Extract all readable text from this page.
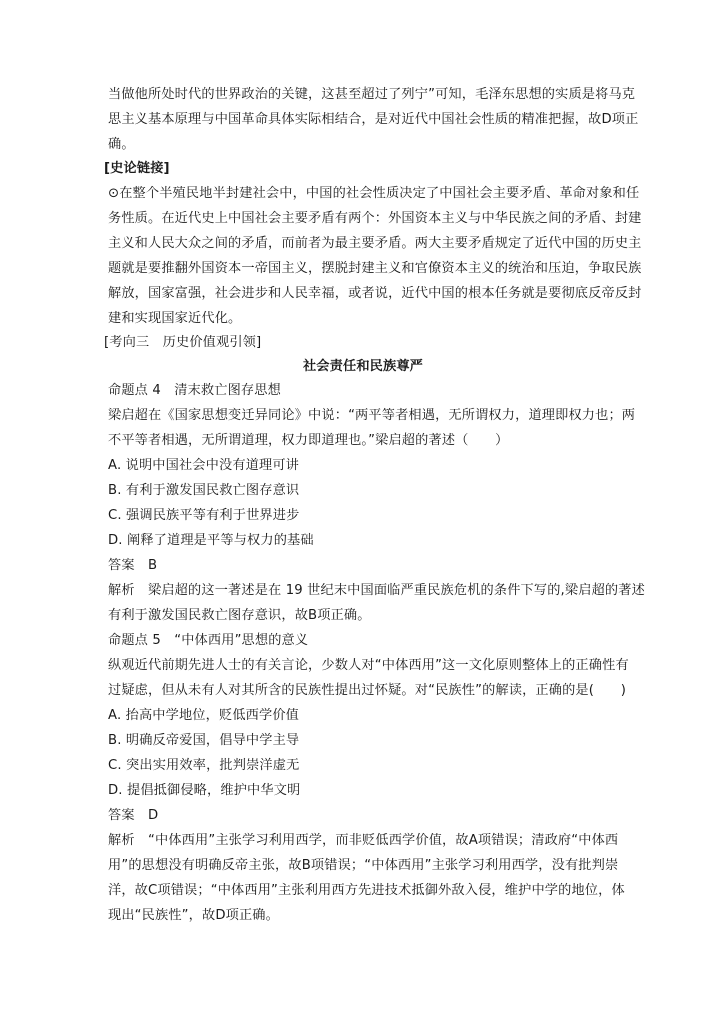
当做他所处时代的世界政治的关键，这甚至超过了列宁”可知，毛泽东思想的实质是将马克
思主义基本原理与中国革命具体实际相结合，是对近代中国社会性质的精准把握，故D项正
确。
[史论链接]
⊙在整个半殖民地半封建社会中，中国的社会性质决定了中国社会主要矛盾、革命对象和任
务性质。在近代史上中国社会主要矛盾有两个：外国资本主义与中华民族之间的矛盾、封建
主义和人民大众之间的矛盾，而前者为最主要矛盾。两大主要矛盾规定了近代中国的历史主
题就是要推翻外国资本一帝国主义，摆脱封建主义和官僚资本主义的统治和压迫，争取民族
解放，国家富强，社会进步和人民幸福，或者说，近代中国的根本任务就是要彻底反帝反封
建和实现国家近代化。
[考向三　历史价值观引领]
社会责任和民族尊严
命题点 4　清末救亡图存思想
梁启超在《国家思想变迁异同论》中说：“两平等者相遇，无所谓权力，道理即权力也；两
不平等者相遇，无所谓道理，权力即道理也。”梁启超的著述（　　）
A. 说明中国社会中没有道理可讲
B. 有利于激发国民救亡图存意识
C. 强调民族平等有利于世界进步
D. 阐释了道理是平等与权力的基础
答案　B
解析　梁启超的这一著述是在 19 世纪末中国面临严重民族危机的条件下写的,梁启超的著述
有利于激发国民救亡图存意识，故B项正确。
命题点 5　“中体西用”思想的意义
纵观近代前期先进人士的有关言论，少数人对“中体西用”这一文化原则整体上的正确性有
过疑虑，但从未有人对其所含的民族性提出过怀疑。对“民族性”的解读，正确的是(　　)
A. 抬高中学地位，贬低西学价值
B. 明确反帝爱国，倡导中学主导
C. 突出实用效率，批判崇洋虚无
D. 提倡抵御侵略，维护中华文明
答案　D
解析　“中体西用”主张学习利用西学，而非贬低西学价值，故A项错误；清政府“中体西
用”的思想没有明确反帝主张，故B项错误；“中体西用”主张学习利用西学，没有批判崇
洋，故C项错误；“中体西用”主张利用西方先进技术抵御外敌入侵，维护中学的地位，体
现出“民族性”，故D项正确。
